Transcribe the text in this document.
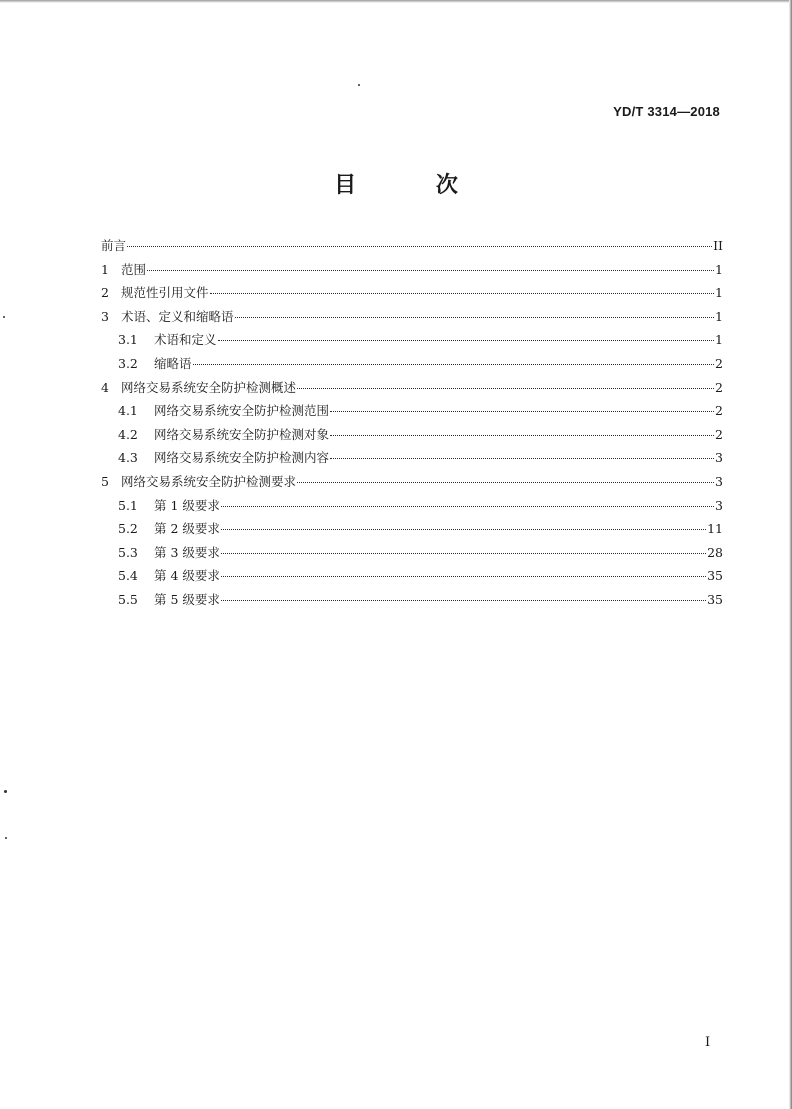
YD/T 3314—2018
目 次
前言	II
1 范围	1
2 规范性引用文件	1
3 术语、定义和缩略语	1
3.1	术语和定义	1
3.2	缩略语	2
4 网络交易系统安全防护检测概述	2
4.1	网络交易系统安全防护检测范围	2
4.2	网络交易系统安全防护检测对象	2
4.3	网络交易系统安全防护检测内容	3
5 网络交易系统安全防护检测要求	3
5.1	第 1 级要求	3
5.2	第 2 级要求	11
5.3	第 3 级要求	28
5.4	第 4 级要求	35
5.5	第 5 级要求	35
I
